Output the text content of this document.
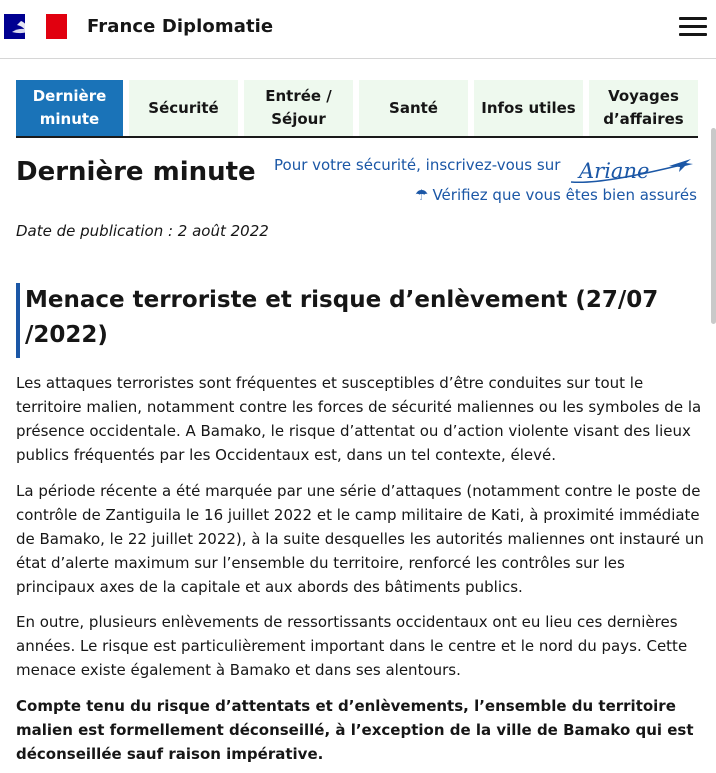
France Diplomatie
Dernière
minute
Sécurité
Entrée /
Séjour
Santé	Infos utiles
Voyages
d’affaires
Dernière minute Pour votre sécurité, inscrivez-vous sur Ariane
☂ Vérifiez que vous êtes bien assurés
Date de publication : 2 août 2022
Menace terroriste et risque d’enlèvement (27/07
/2022)

Les attaques terroristes sont fréquentes et susceptibles d’être conduites sur tout le territoire malien, notamment contre les forces de sécurité maliennes ou les symboles de la présence occidentale. A Bamako, le risque d’attentat ou d’action violente visant des lieux publics fréquentés par les Occidentaux est, dans un tel contexte, élevé.

La période récente a été marquée par une série d’attaques (notamment contre le poste de contrôle de Zantiguila le 16 juillet 2022 et le camp militaire de Kati, à proximité immédiate de Bamako, le 22 juillet 2022), à la suite desquelles les autorités maliennes ont instauré un état d’alerte maximum sur l’ensemble du territoire, renforcé les contrôles sur les principaux axes de la capitale et aux abords des bâtiments publics.

En outre, plusieurs enlèvements de ressortissants occidentaux ont eu lieu ces dernières années. Le risque est particulièrement important dans le centre et le nord du pays. Cette menace existe également à Bamako et dans ses alentours.

Compte tenu du risque d’attentats et d’enlèvements, l’ensemble du territoire malien est formellement déconseillé, à l’exception de la ville de Bamako qui est déconseillée sauf raison impérative.
